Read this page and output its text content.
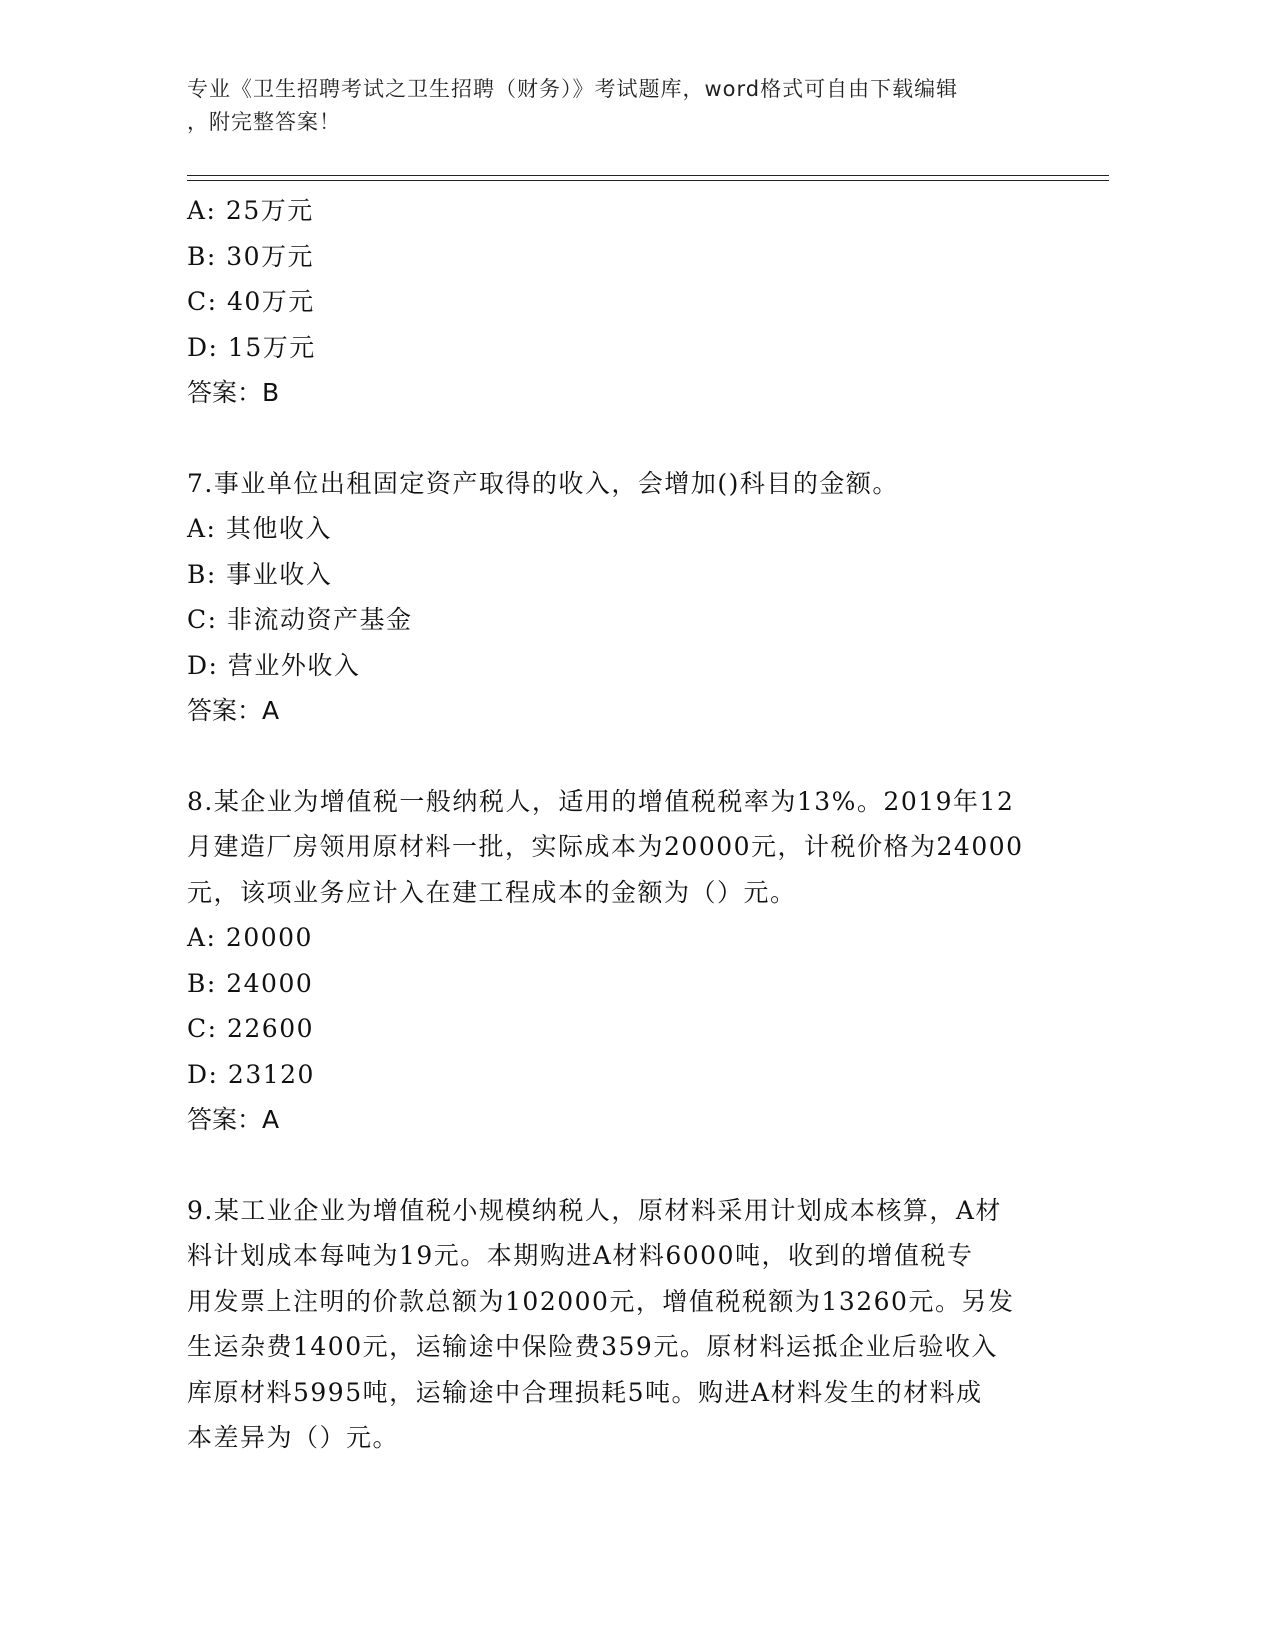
专业《卫生招聘考试之卫生招聘（财务）》考试题库，word格式可自由下载编辑
，附完整答案！
A: 25万元
B: 30万元
C: 40万元
D: 15万元
答案：B
7.事业单位出租固定资产取得的收入，会增加()科目的金额。
A: 其他收入
B: 事业收入
C: 非流动资产基金
D: 营业外收入
答案：A
8.某企业为增值税一般纳税人，适用的增值税税率为13%。2019年12
月建造厂房领用原材料一批，实际成本为20000元，计税价格为24000
元，该项业务应计入在建工程成本的金额为（）元。
A: 20000
B: 24000
C: 22600
D: 23120
答案：A
9.某工业企业为增值税小规模纳税人，原材料采用计划成本核算，A材
料计划成本每吨为19元。本期购进A材料6000吨，收到的增值税专
用发票上注明的价款总额为102000元，增值税税额为13260元。另发
生运杂费1400元，运输途中保险费359元。原材料运抵企业后验收入
库原材料5995吨，运输途中合理损耗5吨。购进A材料发生的材料成
本差异为（）元。
